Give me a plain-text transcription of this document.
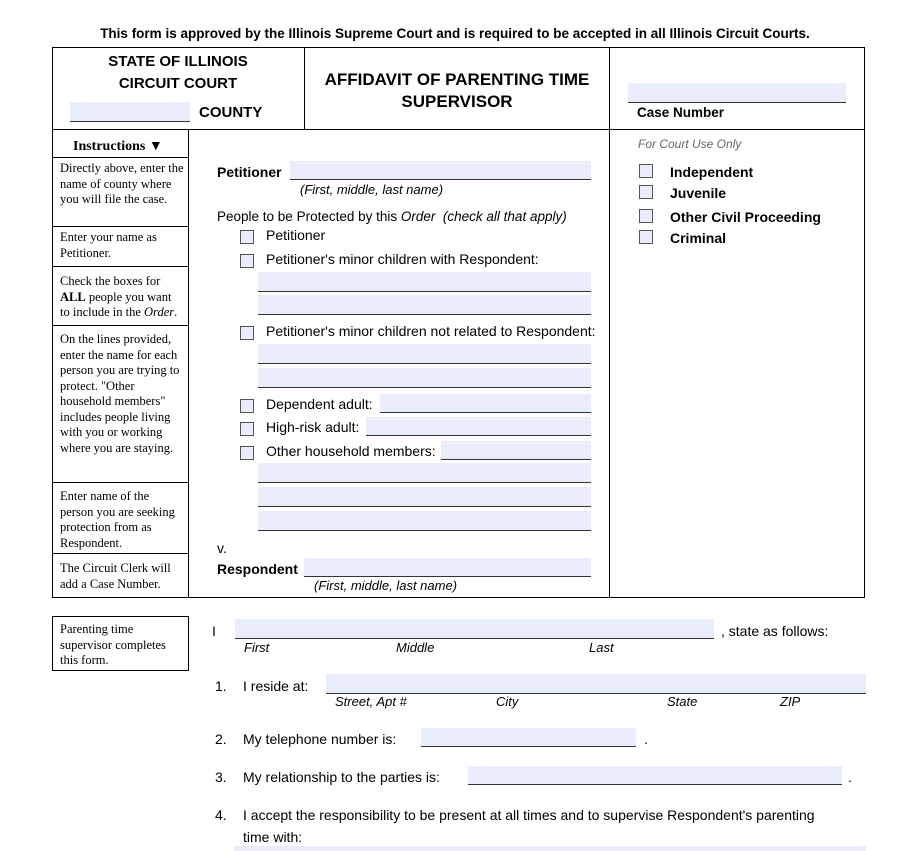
This form is approved by the Illinois Supreme Court and is required to be accepted in all Illinois Circuit Courts.
STATE OF ILLINOIS
CIRCUIT COURT
COUNTY
AFFIDAVIT OF PARENTING TIME
SUPERVISOR
Case Number
For Court Use Only
Independent
Juvenile
Other Civil Proceeding
Criminal
Instructions ▼
Directly above, enter the name of county where you will file the case.
Enter your name as Petitioner.
Check the boxes for ALL people you want to include in the Order.
On the lines provided, enter the name for each person you are trying to protect. "Other household members" includes people living with you or working where you are staying.
Enter name of the person you are seeking protection from as Respondent.
The Circuit Clerk will add a Case Number.
Petitioner
(First, middle, last name)
People to be Protected by this Order (check all that apply)
Petitioner
Petitioner's minor children with Respondent:
Petitioner's minor children not related to Respondent:
Dependent adult:
High-risk adult:
Other household members:
v.
Respondent
(First, middle, last name)
Parenting time supervisor completes this form.
I	, state as follows:
First	Middle	Last
1. I reside at:
Street, Apt #	City	State	ZIP
2. My telephone number is:	.
3. My relationship to the parties is:	.
4. I accept the responsibility to be present at all times and to supervise Respondent's parenting
time with:
